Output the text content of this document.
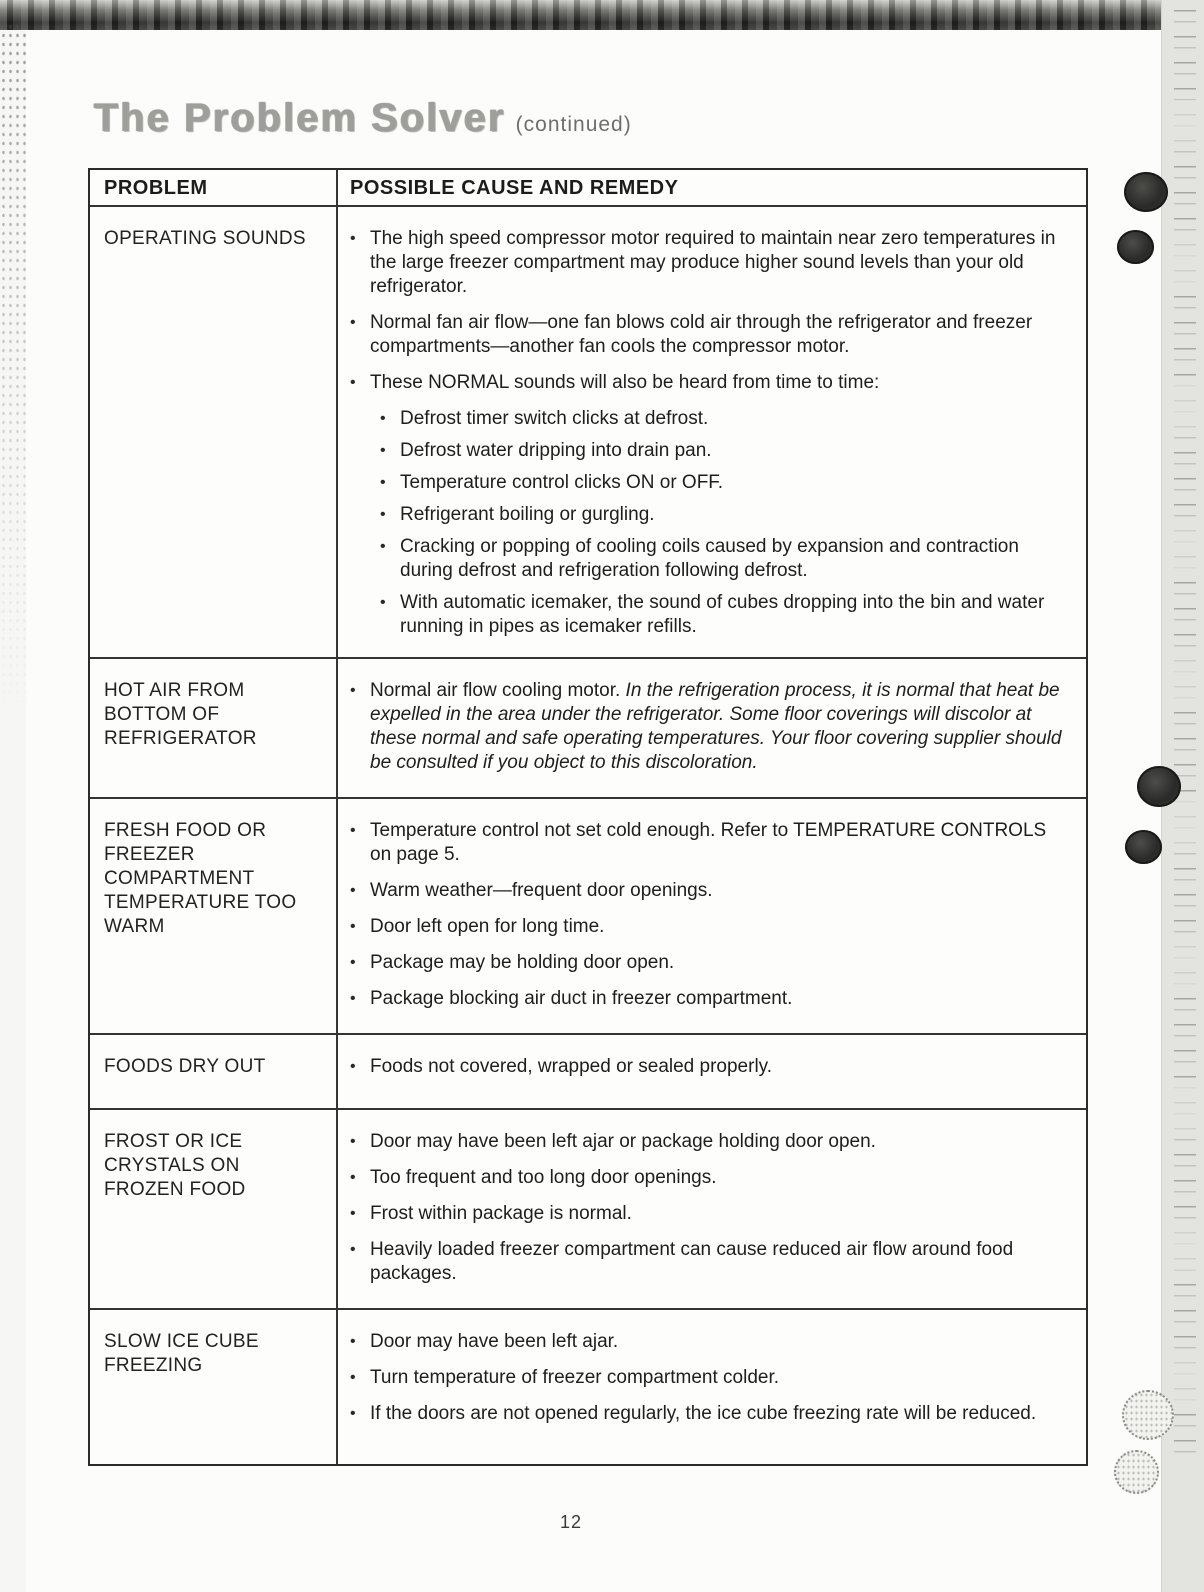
The Problem Solver (continued)
PROBLEM	POSSIBLE CAUSE AND REMEDY
OPERATING SOUNDS	• The high speed compressor motor required to maintain near zero temperatures in the large freezer compartment may produce higher sound levels than your old refrigerator.
• Normal fan air flow—one fan blows cold air through the refrigerator and freezer compartments—another fan cools the compressor motor.
• These NORMAL sounds will also be heard from time to time:
• Defrost timer switch clicks at defrost.
• Defrost water dripping into drain pan.
• Temperature control clicks ON or OFF.
• Refrigerant boiling or gurgling.
• Cracking or popping of cooling coils caused by expansion and contraction during defrost and refrigeration following defrost.
• With automatic icemaker, the sound of cubes dropping into the bin and water running in pipes as icemaker refills.
HOT AIR FROM BOTTOM OF REFRIGERATOR
• Normal air flow cooling motor. In the refrigeration process, it is normal that heat be expelled in the area under the refrigerator. Some floor coverings will discolor at these normal and safe operating temperatures. Your floor covering supplier should be consulted if you object to this discoloration.
FRESH FOOD OR FREEZER COMPARTMENT TEMPERATURE TOO WARM
• Temperature control not set cold enough. Refer to TEMPERATURE CONTROLS on page 5.
• Warm weather—frequent door openings.
• Door left open for long time.
• Package may be holding door open.
• Package blocking air duct in freezer compartment.
FOODS DRY OUT	• Foods not covered, wrapped or sealed properly.
FROST OR ICE CRYSTALS ON FROZEN FOOD
• Door may have been left ajar or package holding door open.
• Too frequent and too long door openings.
• Frost within package is normal.
• Heavily loaded freezer compartment can cause reduced air flow around food packages.
SLOW ICE CUBE FREEZING
• Door may have been left ajar.
• Turn temperature of freezer compartment colder.
• If the doors are not opened regularly, the ice cube freezing rate will be reduced.
12
